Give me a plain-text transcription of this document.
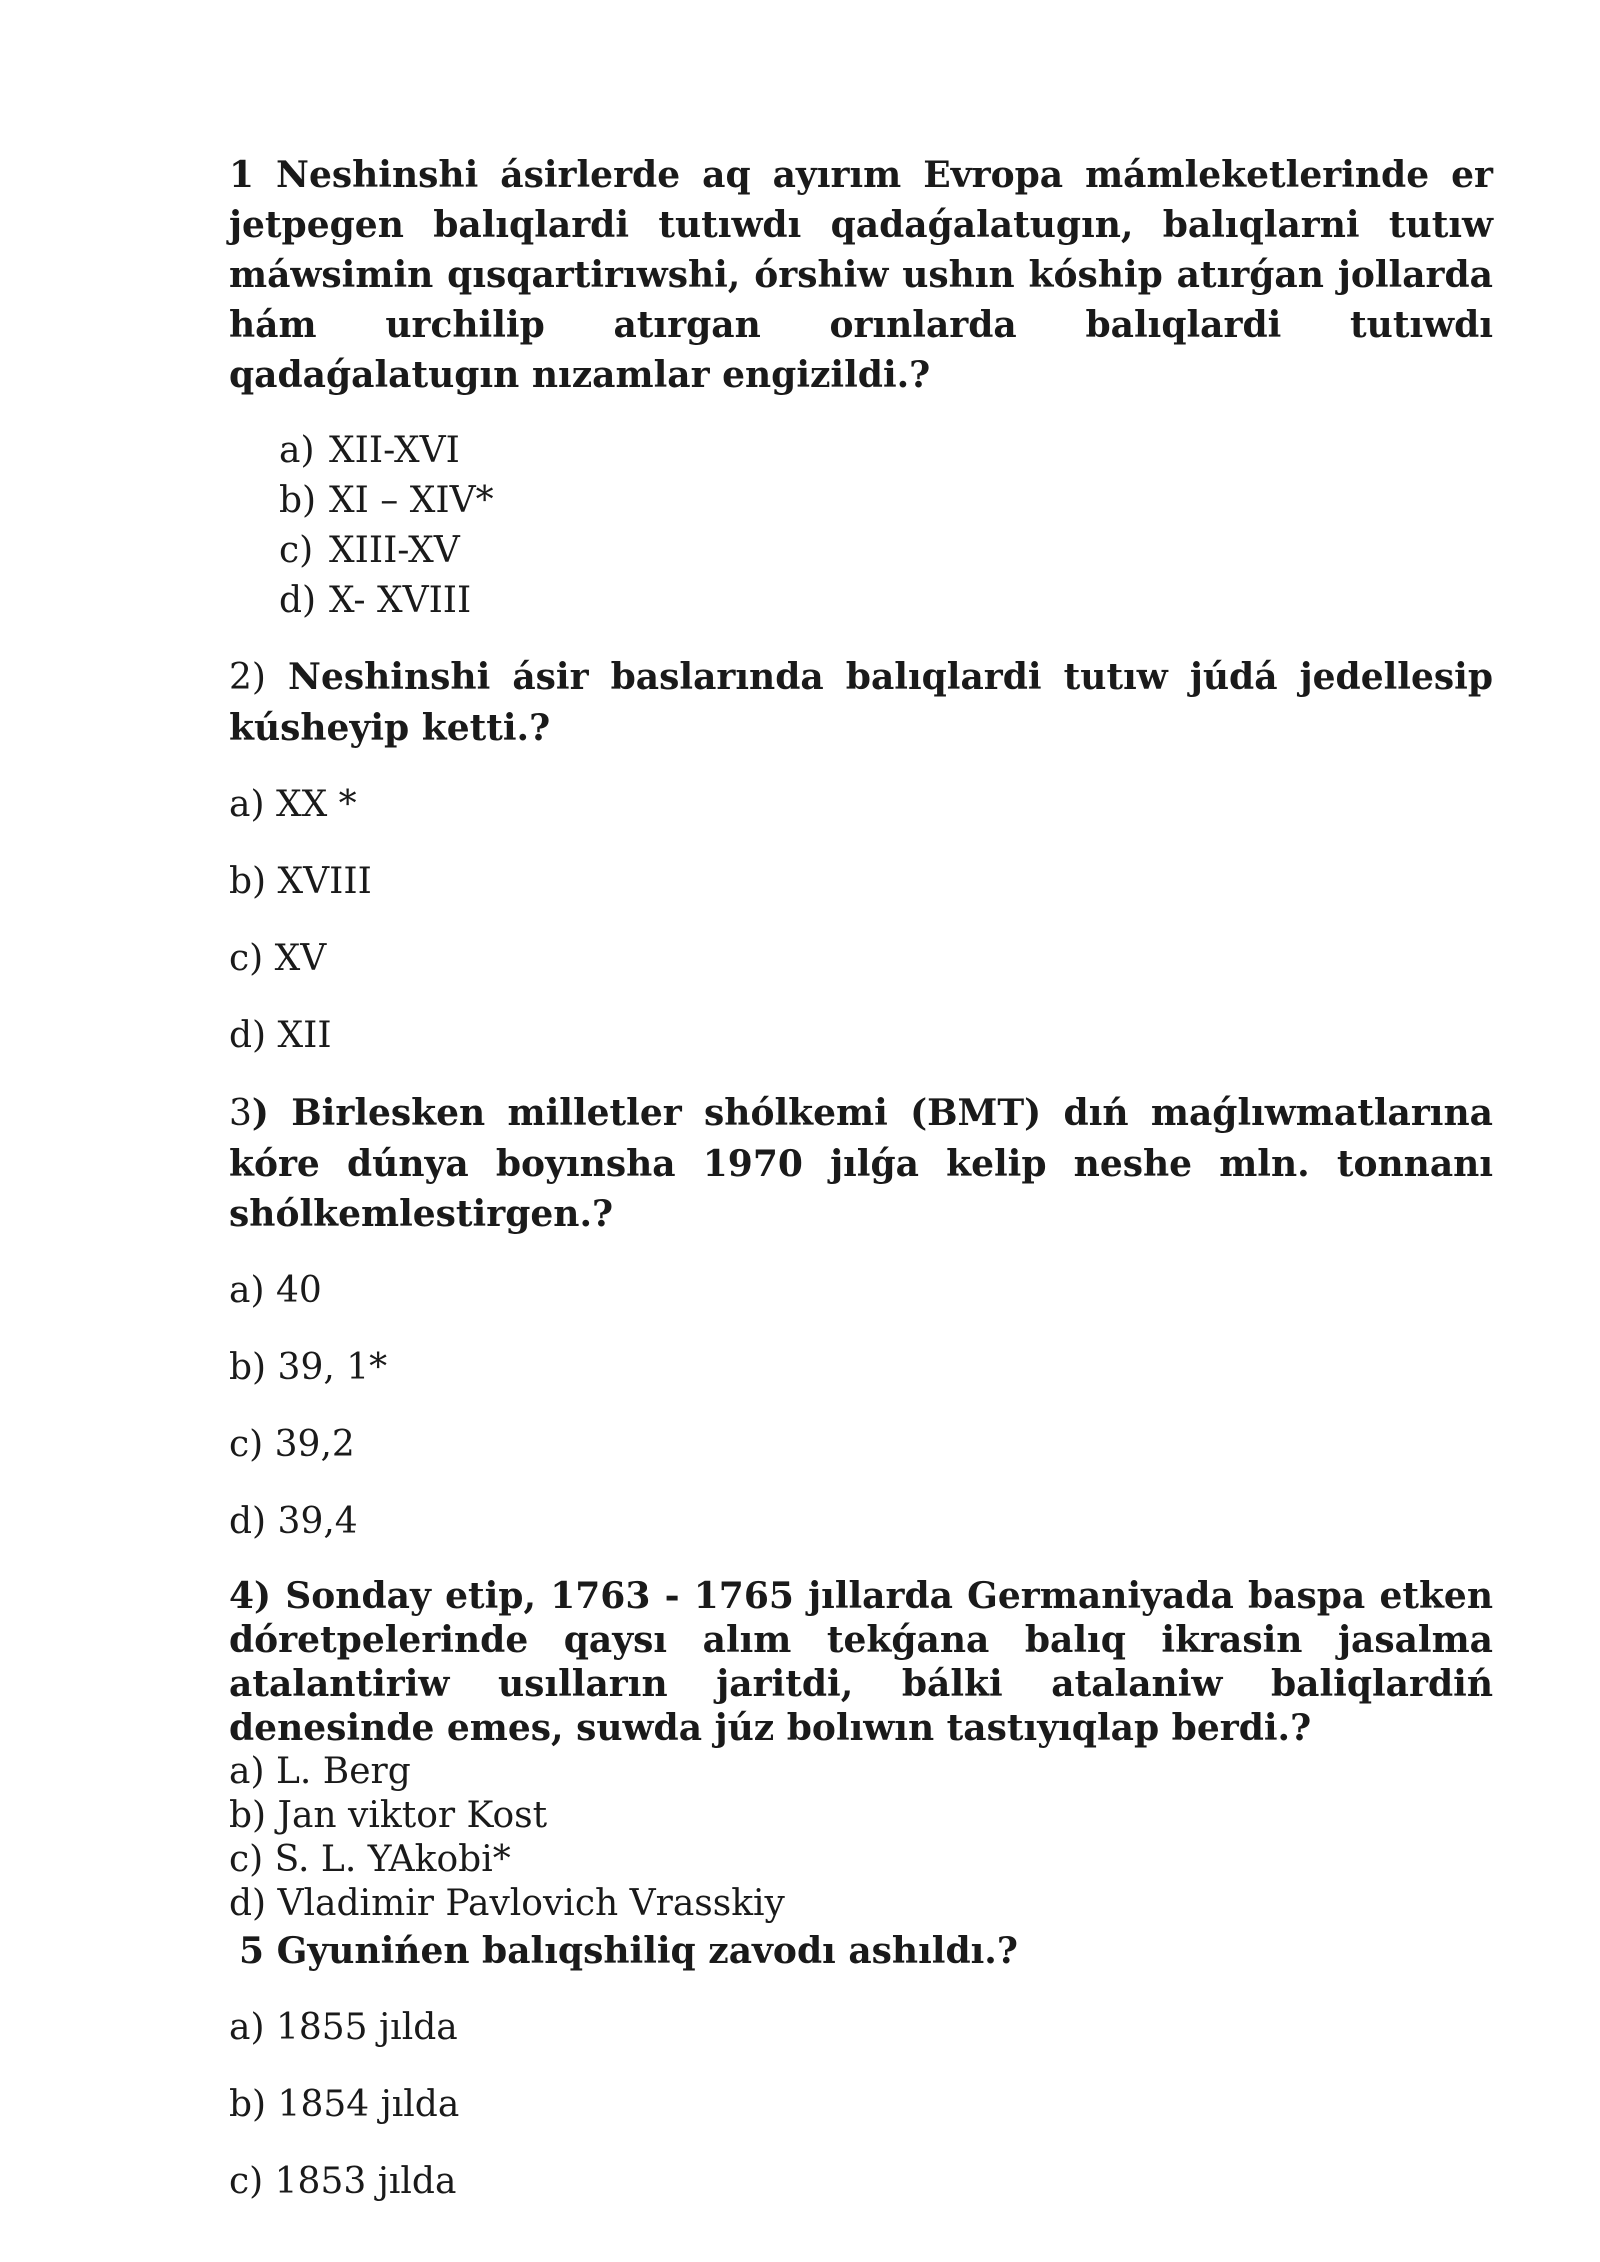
1 Neshinshi ásirlerde aq ayırım Evropa mámleketlerinde er jetpegen balıqlardi tutıwdı qadaǵalatugın, balıqlarni tutıw máwsimin qısqartirıwshi, órshiw ushın kóship atırǵan jollarda hám urchilip atırgan orınlarda balıqlardi tutıwdı qadaǵalatugın nızamlar engizildi.?

a) XII-XVI
b) XI – XIV*
c) XIII-XV
d) X- XVIII

2) Neshinshi ásir baslarında balıqlardi tutıw júdá jedellesip kúsheyip ketti.?

a) XX *

b) XVIII

c) XV

d) XII

3) Birlesken milletler shólkemi (BMT) dıń maǵlıwmatlarına kóre dúnya boyınsha 1970 jılǵa kelip neshe mln. tonnanı shólkemlestirgen.?

a) 40

b) 39, 1*

c) 39,2

d) 39,4

4) Sonday etip, 1763 - 1765 jıllarda Germaniyada baspa etken dóretpelerinde qaysı alım tekǵana balıq ikrasin jasalma atalantiriw usılların jaritdi, bálki atalaniw baliqlardiń denesinde emes, suwda júz bolıwın tastıyıqlap berdi.?

a) L. Berg

b) Jan viktor Kost

c) S. L. YAkobi*

d) Vladimir Pavlovich Vrasskiy

5 Gyunińen balıqshiliq zavodı ashıldı.?

a) 1855 jılda

b) 1854 jılda

c) 1853 jılda
